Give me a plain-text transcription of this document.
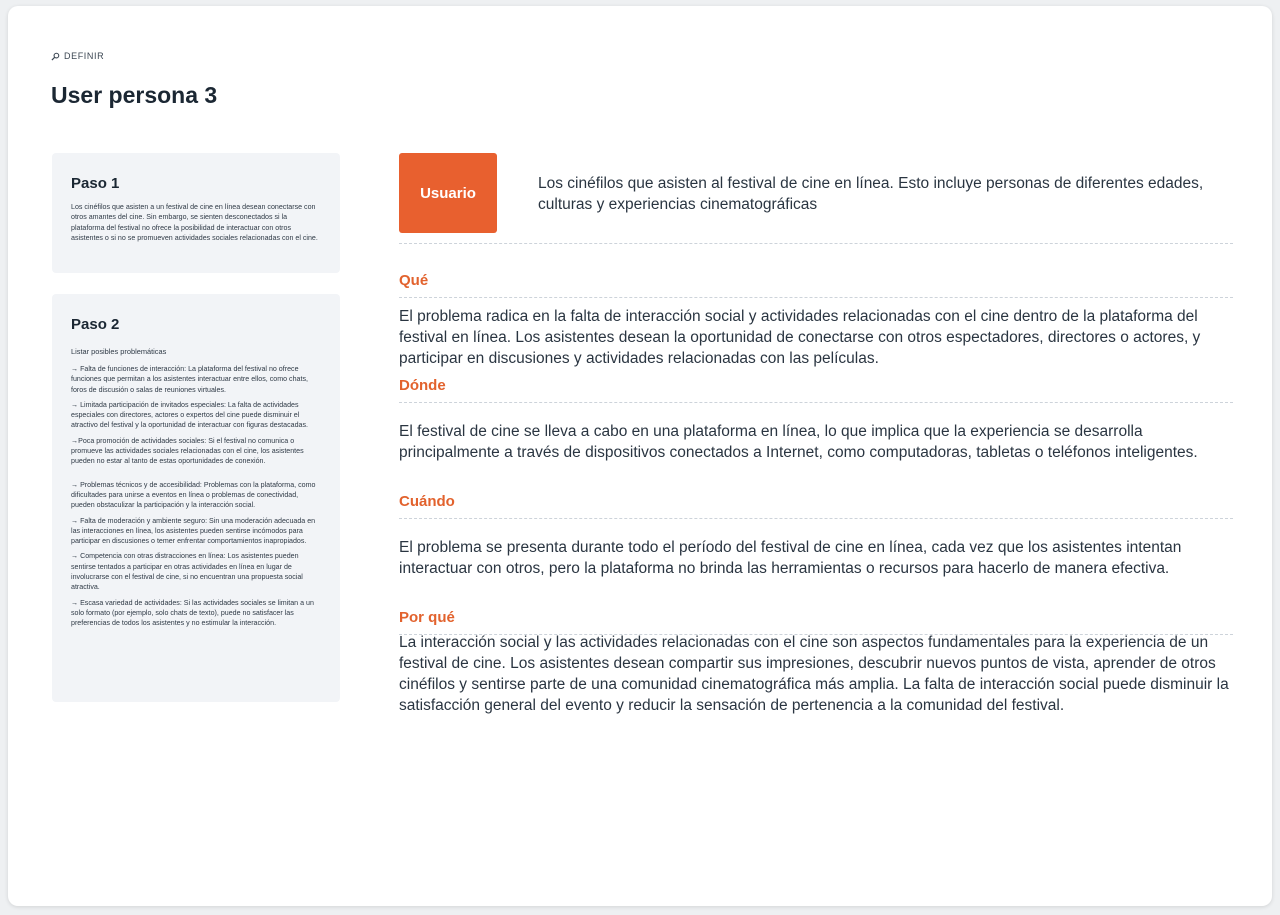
DEFINIR
User persona 3
Paso 1

Los cinéfilos que asisten a un festival de cine en línea desean conectarse con otros amantes del cine. Sin embargo, se sienten desconectados si la plataforma del festival no ofrece la posibilidad de interactuar con otros asistentes o si no se promueven actividades sociales relacionadas con el cine.

Paso 2
Listar posibles problemáticas
→ Falta de funciones de interacción: La plataforma del festival no ofrece funciones que permitan a los asistentes interactuar entre ellos, como chats, foros de discusión o salas de reuniones virtuales.
→ Limitada participación de invitados especiales: La falta de actividades especiales con directores, actores o expertos del cine puede disminuir el atractivo del festival y la oportunidad de interactuar con figuras destacadas.
→Poca promoción de actividades sociales: Si el festival no comunica o promueve las actividades sociales relacionadas con el cine, los asistentes pueden no estar al tanto de estas oportunidades de conexión.
→ Problemas técnicos y de accesibilidad: Problemas con la plataforma, como dificultades para unirse a eventos en línea o problemas de conectividad, pueden obstaculizar la participación y la interacción social.
→ Falta de moderación y ambiente seguro: Sin una moderación adecuada en las interacciones en línea, los asistentes pueden sentirse incómodos para participar en discusiones o temer enfrentar comportamientos inapropiados.
→ Competencia con otras distracciones en línea: Los asistentes pueden sentirse tentados a participar en otras actividades en línea en lugar de involucrarse con el festival de cine, si no encuentran una propuesta social atractiva.
→ Escasa variedad de actividades: Si las actividades sociales se limitan a un solo formato (por ejemplo, solo chats de texto), puede no satisfacer las preferencias de todos los asistentes y no estimular la interacción.
Usuario
Los cinéfilos que asisten al festival de cine en línea. Esto incluye personas de diferentes edades, culturas y experiencias cinematográficas
Qué
El problema radica en la falta de interacción social y actividades relacionadas con el cine dentro de la plataforma del festival en línea. Los asistentes desean la oportunidad de conectarse con otros espectadores, directores o actores, y participar en discusiones y actividades relacionadas con las películas.
Dónde
El festival de cine se lleva a cabo en una plataforma en línea, lo que implica que la experiencia se desarrolla principalmente a través de dispositivos conectados a Internet, como computadoras, tabletas o teléfonos inteligentes.
Cuándo
El problema se presenta durante todo el período del festival de cine en línea, cada vez que los asistentes intentan interactuar con otros, pero la plataforma no brinda las herramientas o recursos para hacerlo de manera efectiva.
Por qué
La interacción social y las actividades relacionadas con el cine son aspectos fundamentales para la experiencia de un festival de cine. Los asistentes desean compartir sus impresiones, descubrir nuevos puntos de vista, aprender de otros cinéfilos y sentirse parte de una comunidad cinematográfica más amplia. La falta de interacción social puede disminuir la satisfacción general del evento y reducir la sensación de pertenencia a la comunidad del festival.
